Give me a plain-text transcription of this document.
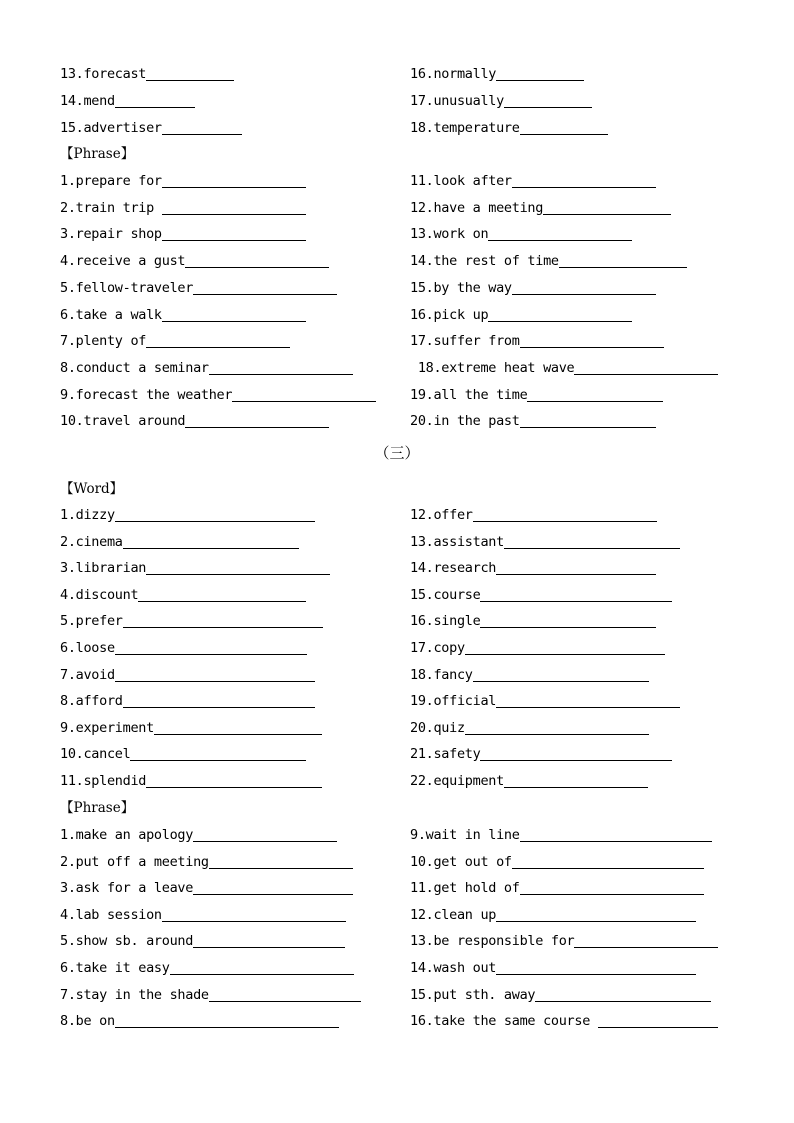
13.forecast	16.normally
14.mend	17.unusually
15.advertiser	18.temperature
【Phrase】
1.prepare for	11.look after
2.train trip	12.have a meeting
3.repair shop	13.work on
4.receive a gust	14.the rest of time
5.fellow-traveler	15.by the way
6.take a walk	16.pick up
7.plenty of	17.suffer from
8.conduct a seminar	18.extreme heat wave
9.forecast the weather	19.all the time
10.travel around	20.in the past
（三）
【Word】
1.dizzy	12.offer
2.cinema	13.assistant
3.librarian	14.research
4.discount	15.course
5.prefer	16.single
6.loose	17.copy
7.avoid	18.fancy
8.afford	19.official
9.experiment	20.quiz
10.cancel	21.safety
11.splendid	22.equipment
【Phrase】
1.make an apology	9.wait in line
2.put off a meeting	10.get out of
3.ask for a leave	11.get hold of
4.lab session	12.clean up
5.show sb. around	13.be responsible for
6.take it easy	14.wash out
7.stay in the shade	15.put sth. away
8.be on	16.take the same course
